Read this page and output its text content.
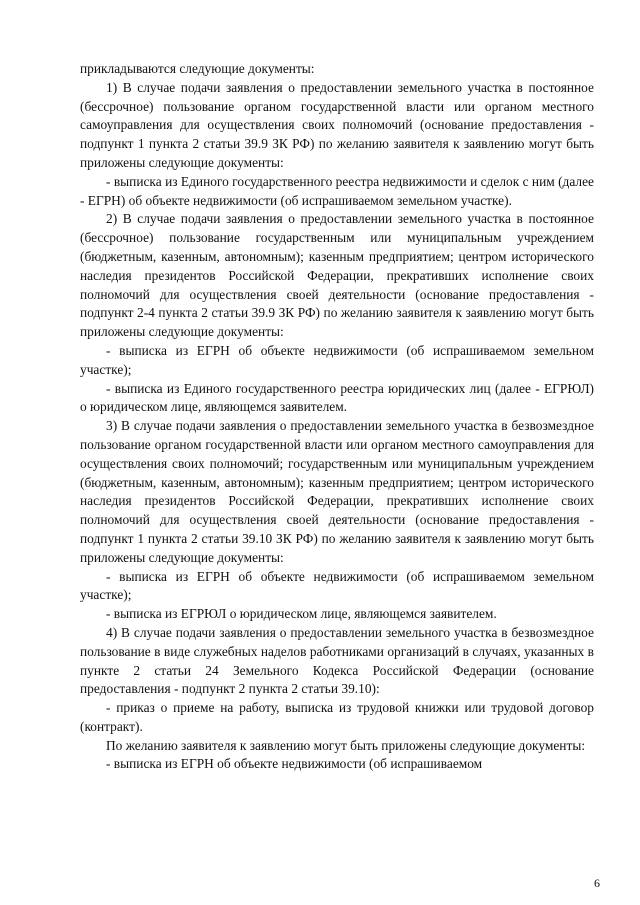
прикладываются следующие документы:

1) В случае подачи заявления о предоставлении земельного участка в постоянное (бессрочное) пользование органом государственной власти или органом местного самоуправления для осуществления своих полномочий (основание предоставления - подпункт 1 пункта 2 статьи 39.9 ЗК РФ) по желанию заявителя к заявлению могут быть приложены следующие документы:

- выписка из Единого государственного реестра недвижимости и сделок с ним (далее - ЕГРН) об объекте недвижимости (об испрашиваемом земельном участке).

2) В случае подачи заявления о предоставлении земельного участка в постоянное (бессрочное) пользование государственным или муниципальным учреждением (бюджетным, казенным, автономным); казенным предприятием; центром исторического наследия президентов Российской Федерации, прекративших исполнение своих полномочий для осуществления своей деятельности (основание предоставления - подпункт 2-4 пункта 2 статьи 39.9 ЗК РФ) по желанию заявителя к заявлению могут быть приложены следующие документы:

- выписка из ЕГРН об объекте недвижимости (об испрашиваемом земельном участке);

- выписка из Единого государственного реестра юридических лиц (далее - ЕГРЮЛ) о юридическом лице, являющемся заявителем.

3) В случае подачи заявления о предоставлении земельного участка в безвозмездное пользование органом государственной власти или органом местного самоуправления для осуществления своих полномочий; государственным или муниципальным учреждением (бюджетным, казенным, автономным); казенным предприятием; центром исторического наследия президентов Российской Федерации, прекративших исполнение своих полномочий для осуществления своей деятельности (основание предоставления - подпункт 1 пункта 2 статьи 39.10 ЗК РФ) по желанию заявителя к заявлению могут быть приложены следующие документы:

- выписка из ЕГРН об объекте недвижимости (об испрашиваемом земельном участке);

- выписка из ЕГРЮЛ о юридическом лице, являющемся заявителем.

4) В случае подачи заявления о предоставлении земельного участка в безвозмездное пользование в виде служебных наделов работниками организаций в случаях, указанных в пункте 2 статьи 24 Земельного Кодекса Российской Федерации (основание предоставления - подпункт 2 пункта 2 статьи 39.10):

- приказ о приеме на работу, выписка из трудовой книжки или трудовой договор (контракт).

По желанию заявителя к заявлению могут быть приложены следующие документы:

- выписка из ЕГРН об объекте недвижимости (об испрашиваемом

6
